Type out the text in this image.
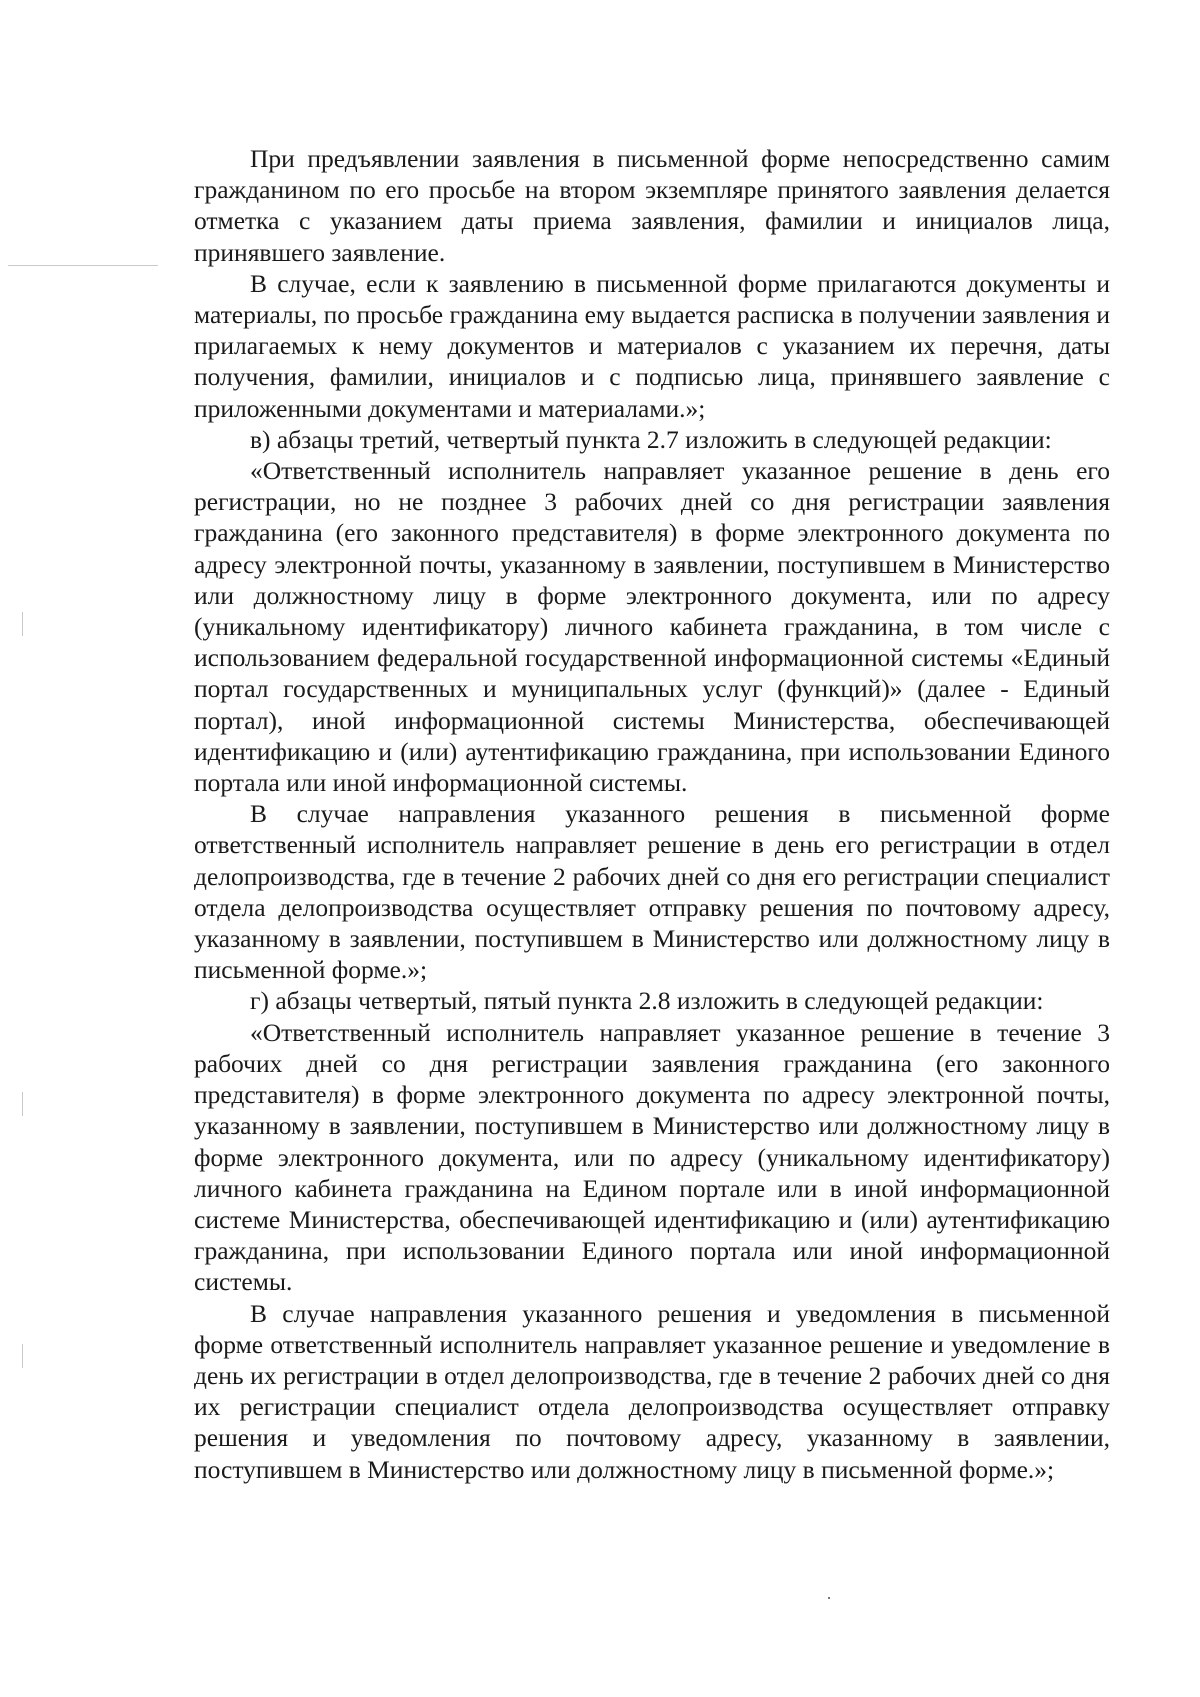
При предъявлении заявления в письменной форме непосредственно самим гражданином по его просьбе на втором экземпляре принятого заявления делается отметка с указанием даты приема заявления, фамилии и инициалов лица, принявшего заявление.

В случае, если к заявлению в письменной форме прилагаются документы и материалы, по просьбе гражданина ему выдается расписка в получении заявления и прилагаемых к нему документов и материалов с указанием их перечня, даты получения, фамилии, инициалов и с подписью лица, принявшего заявление с приложенными документами и материалами.»;

в) абзацы третий, четвертый пункта 2.7 изложить в следующей редакции:

«Ответственный исполнитель направляет указанное решение в день его регистрации, но не позднее 3 рабочих дней со дня регистрации заявления гражданина (его законного представителя) в форме электронного документа по адресу электронной почты, указанному в заявлении, поступившем в Министерство или должностному лицу в форме электронного документа, или по адресу (уникальному идентификатору) личного кабинета гражданина, в том числе с использованием федеральной государственной информационной системы «Единый портал государственных и муниципальных услуг (функций)» (далее - Единый портал), иной информационной системы Министерства, обеспечивающей идентификацию и (или) аутентификацию гражданина, при использовании Единого портала или иной информационной системы.

В случае направления указанного решения в письменной форме ответственный исполнитель направляет решение в день его регистрации в отдел делопроизводства, где в течение 2 рабочих дней со дня его регистрации специалист отдела делопроизводства осуществляет отправку решения по почтовому адресу, указанному в заявлении, поступившем в Министерство или должностному лицу в письменной форме.»;

г) абзацы четвертый, пятый пункта 2.8 изложить в следующей редакции:

«Ответственный исполнитель направляет указанное решение в течение 3 рабочих дней со дня регистрации заявления гражданина (его законного представителя) в форме электронного документа по адресу электронной почты, указанному в заявлении, поступившем в Министерство или должностному лицу в форме электронного документа, или по адресу (уникальному идентификатору) личного кабинета гражданина на Едином портале или в иной информационной системе Министерства, обеспечивающей идентификацию и (или) аутентификацию гражданина, при использовании Единого портала или иной информационной системы.

В случае направления указанного решения и уведомления в письменной форме ответственный исполнитель направляет указанное решение и уведомление в день их регистрации в отдел делопроизводства, где в течение 2 рабочих дней со дня их регистрации специалист отдела делопроизводства осуществляет отправку решения и уведомления по почтовому адресу, указанному в заявлении, поступившем в Министерство или должностному лицу в письменной форме.»;
